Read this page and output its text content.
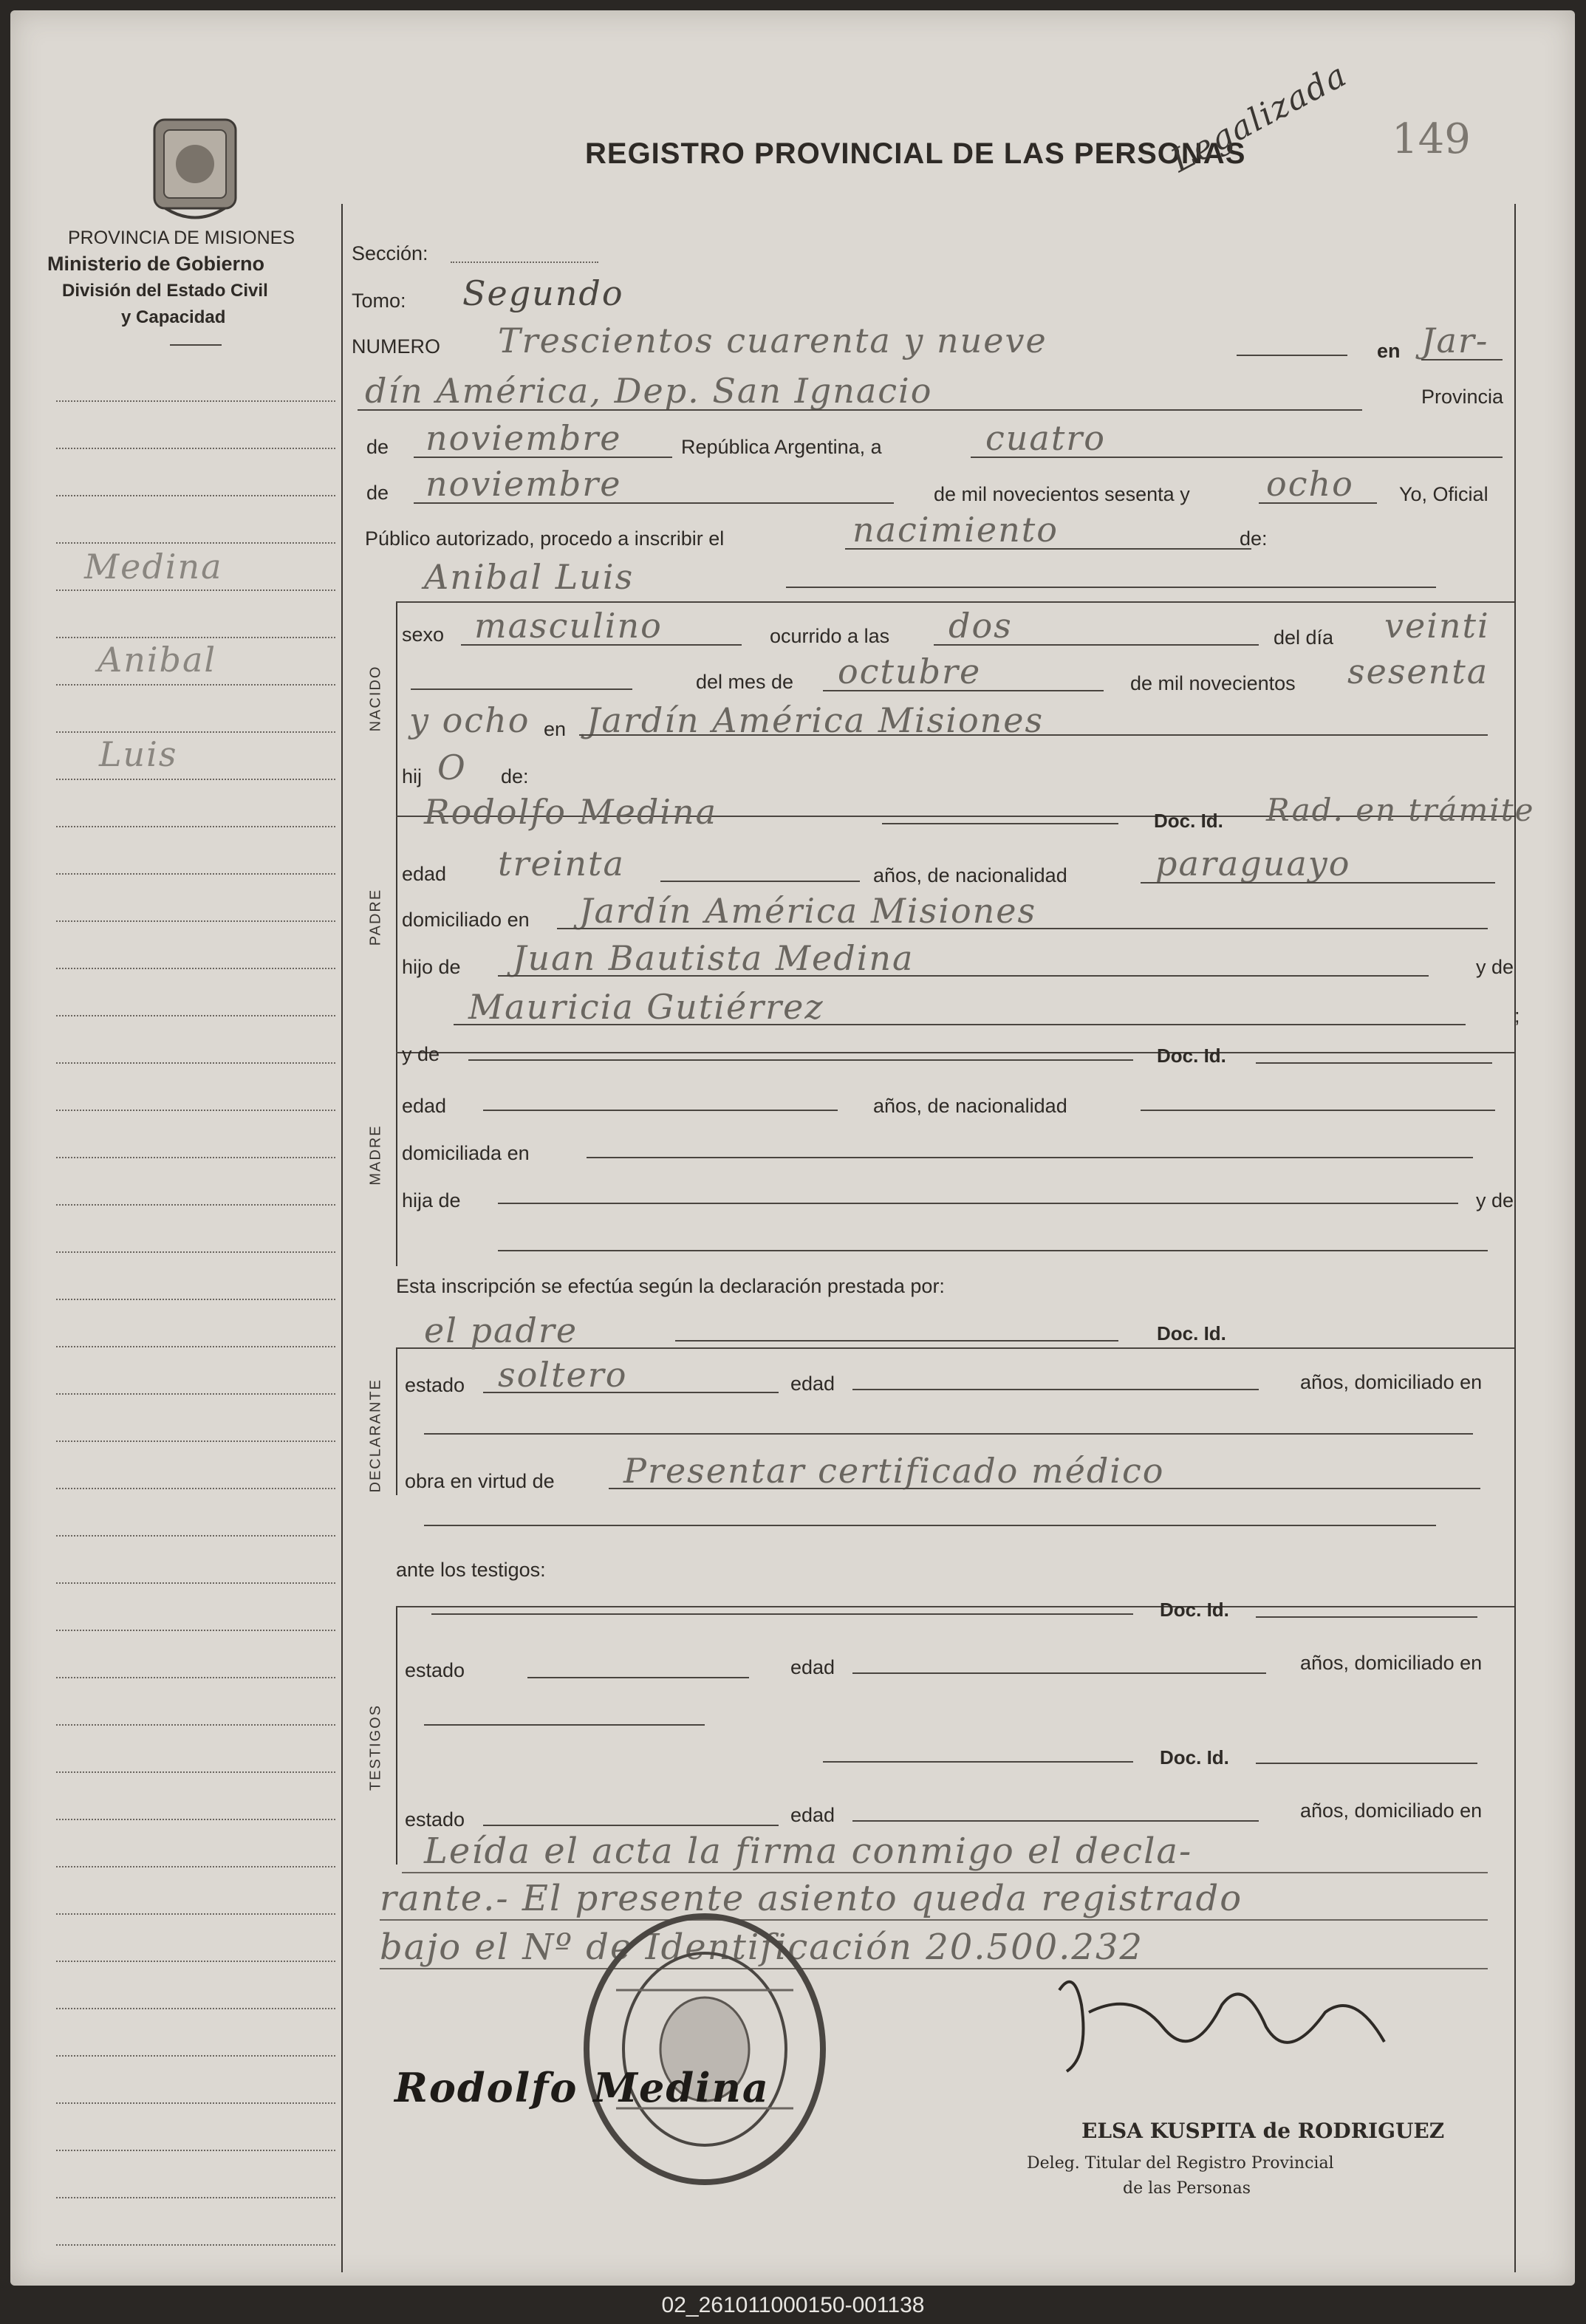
PROVINCIA DE MISIONES
Ministerio de Gobierno
División del Estado Civil
y Capacidad
Medina
Anibal
Luis
REGISTRO PROVINCIAL DE LAS PERSONAS	149
Legalizada
Sección:
Tomo: Segundo
NUMERO Trescientos cuarenta y nueve	en Jar-
dín América, Dep. San Ignacio	Provincia
de noviembre	República Argentina, a	cuatro
de noviembre	de mil novecientos sesenta y ocho Yo, Oficial
Público autorizado, procedo a inscribir el	nacimiento	de:
Anibal Luis
NACIDO
sexo masculino	ocurrido a las dos	del día veinti
del mes de octubre	de mil novecientos sesenta
y ocho en Jardín América Misiones
hij O de:
PADRE
Rodolfo Medina	Doc. Id. Rad. en trámite
edad treinta	años, de nacionalidad	paraguayo
domiciliado en Jardín América Misiones
hijo de Juan Bautista Medina	y de
Mauricia Gutiérrez	;
MADRE
y de	Doc. Id.
edad	años, de nacionalidad
domiciliada en
hija de	y de
Esta inscripción se efectúa según la declaración prestada por:
DECLARANTE
el padre	Doc. Id.
estado soltero	edad	años, domiciliado en
obra en virtud de Presentar certificado médico
ante los testigos:
TESTIGOS
Doc. Id.
estado	edad	años, domiciliado en
Doc. Id.
estado	edad	años, domiciliado en
Leída el acta la firma conmigo el decla-
rante.- El presente asiento queda registrado
bajo el Nº de Identificación 20.500.232
Rodolfo Medina
ELSA KUSPITA de RODRIGUEZ
Deleg. Titular del Registro Provincial
de las Personas
02_261011000150-001138
